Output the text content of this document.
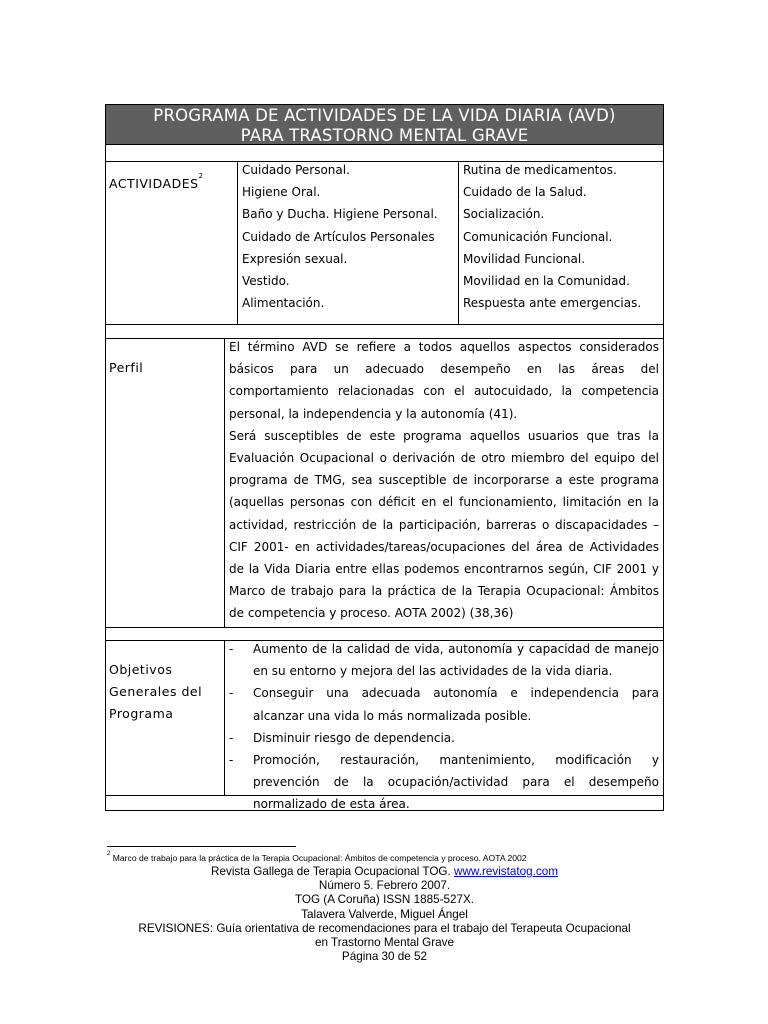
PROGRAMA DE ACTIVIDADES DE LA VIDA DIARIA (AVD)
PARA TRASTORNO MENTAL GRAVE
ACTIVIDADES$^2$	Cuidado Personal.
Higiene Oral.
Baño y Ducha. Higiene Personal.
Cuidado de Artículos Personales
Expresión sexual.
Vestido.
Alimentación.
Rutina de medicamentos.
Cuidado de la Salud.
Socialización.
Comunicación Funcional.
Movilidad Funcional.
Movilidad en la Comunidad.
Respuesta ante emergencias.
Perfil
El término AVD se refiere a todos aquellos aspectos considerados básicos para un adecuado desempeño en las áreas del comportamiento relacionadas con el autocuidado, la competencia personal, la independencia y la autonomía (41).
Será susceptibles de este programa aquellos usuarios que tras la Evaluación Ocupacional o derivación de otro miembro del equipo del programa de TMG, sea susceptible de incorporarse a este programa (aquellas personas con déficit en el funcionamiento, limitación en la actividad, restricción de la participación, barreras o discapacidades –CIF 2001- en actividades/tareas/ocupaciones del área de Actividades de la Vida Diaria entre ellas podemos encontrarnos según, CIF 2001 y Marco de trabajo para la práctica de la Terapia Ocupacional: Ámbitos de competencia y proceso. AOTA 2002) (38,36)
Objetivos
Generales del
Programa
- Aumento de la calidad de vida, autonomía y capacidad de manejo en su entorno y mejora del las actividades de la vida diaria.
- Conseguir una adecuada autonomía e independencia para alcanzar una vida lo más normalizada posible.
- Disminuir riesgo de dependencia.
- Promoción, restauración, mantenimiento, modificación y prevención de la ocupación/actividad para el desempeño normalizado de esta área.
$^2$ Marco de trabajo para la práctica de la Terapia Ocupacional: Ámbitos de competencia y proceso. AOTA 2002
Revista Gallega de Terapia Ocupacional TOG. www.revistatog.com
Número 5. Febrero 2007.
TOG (A Coruña) ISSN 1885-527X.
Talavera Valverde, Miguel Ángel
REVISIONES: Guía orientativa de recomendaciones para el trabajo del Terapeuta Ocupacional
en Trastorno Mental Grave
Página 30 de 52
